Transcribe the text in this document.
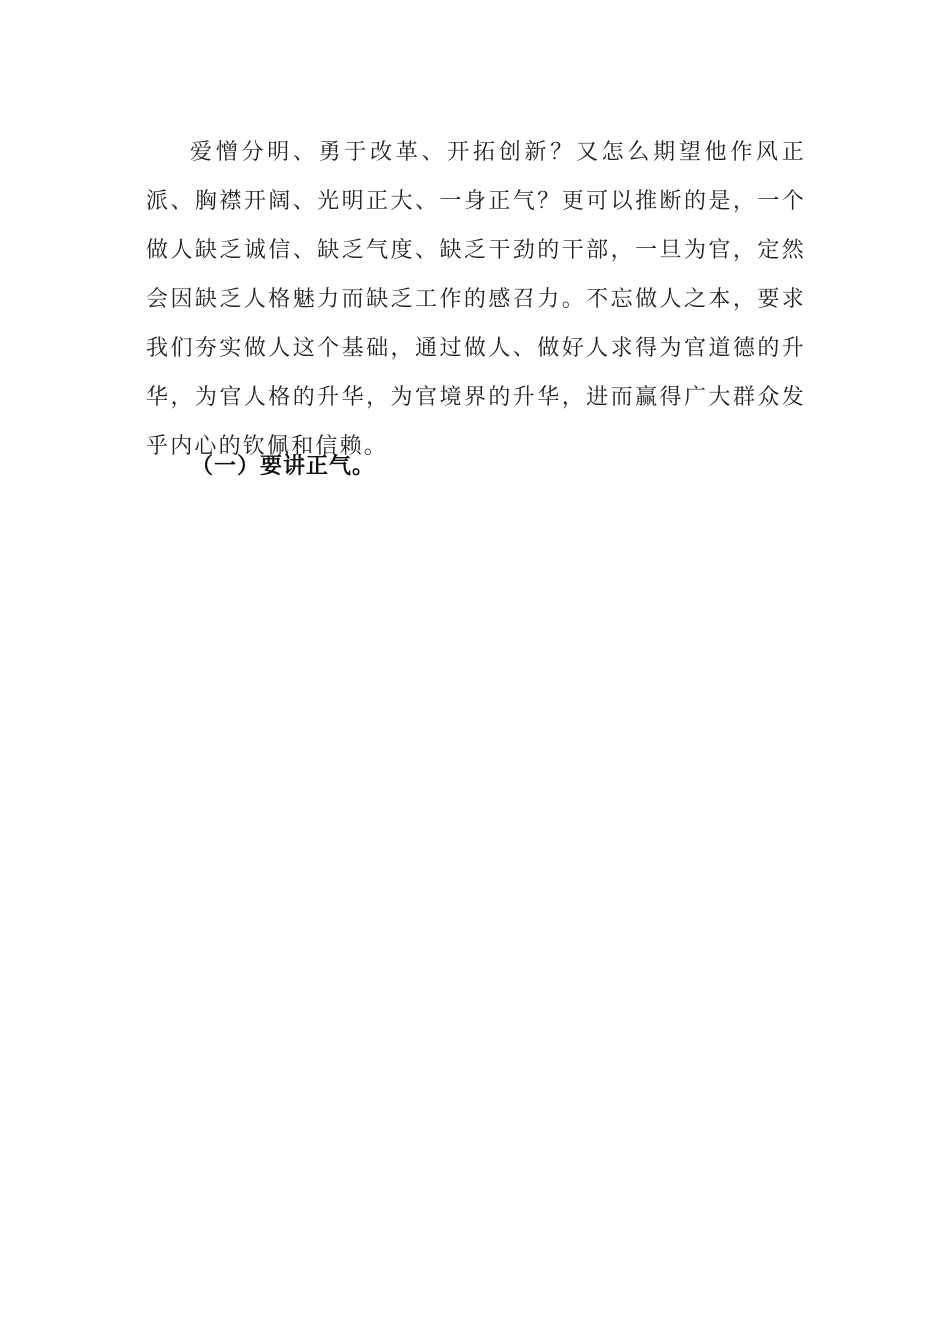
爱憎分明、勇于改革、开拓创新？又怎么期望他作风正派、胸襟开阔、光明正大、一身正气？更可以推断的是，一个做人缺乏诚信、缺乏气度、缺乏干劲的干部，一旦为官，定然会因缺乏人格魅力而缺乏工作的感召力。不忘做人之本，要求我们夯实做人这个基础，通过做人、做好人求得为官道德的升华，为官人格的升华，为官境界的升华，进而赢得广大群众发乎内心的钦佩和信赖。

（一）要讲正气。
